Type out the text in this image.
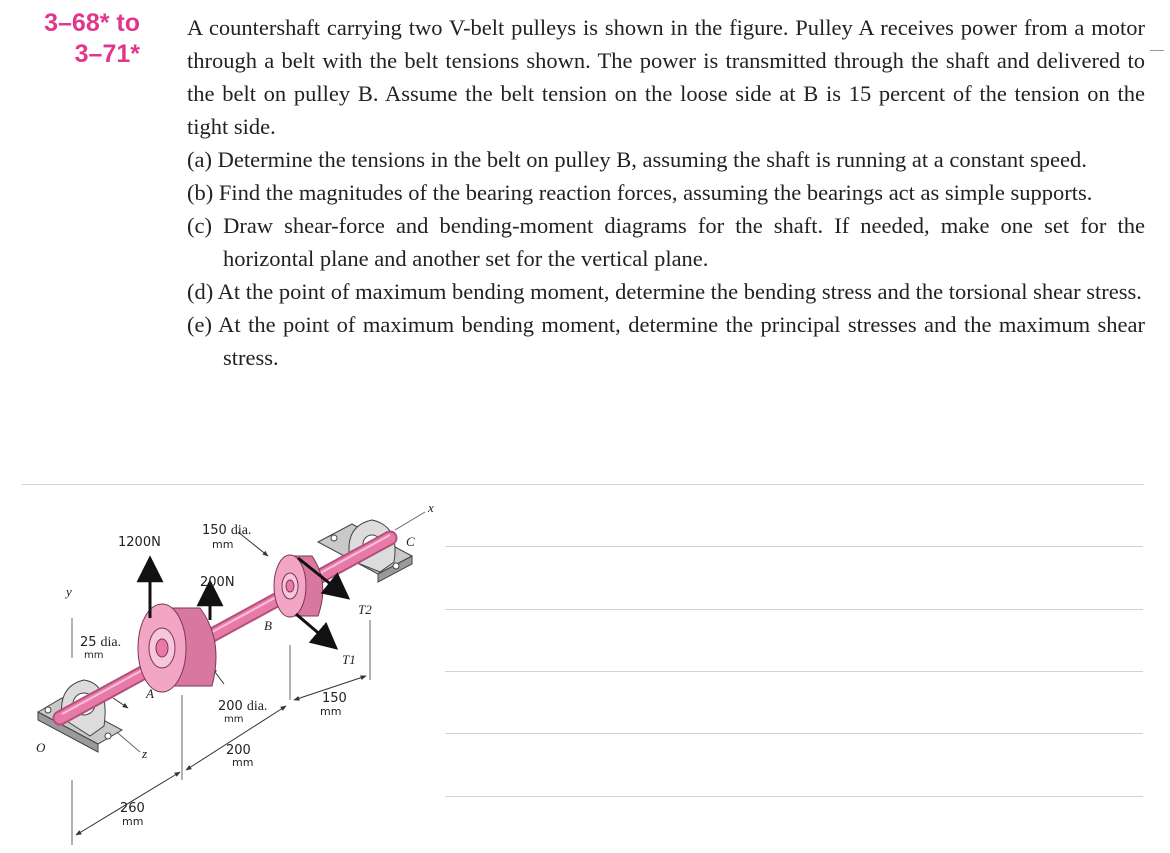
3–68* to
3–71*

A countershaft carrying two V-belt pulleys is shown in the figure. Pulley A receives power from a motor through a belt with the belt tensions shown. The power is transmitted through the shaft and delivered to the belt on pulley B. Assume the belt tension on the loose side at B is 15 percent of the tension on the tight side.

(a) Determine the tensions in the belt on pulley B, assuming the shaft is running at a constant speed.

(b) Find the magnitudes of the bearing reaction forces, assuming the bearings act as simple supports.

(c) Draw shear-force and bending-moment diagrams for the shaft. If needed, make one set for the horizontal plane and another set for the vertical plane.

(d) At the point of maximum bending moment, determine the bending stress and the torsional shear stress.

(e) At the point of maximum bending moment, determine the principal stresses and the maximum shear stress.

1200N
200N
150 dia.
mm
25 dia.
mm
200 dia.
mm
200
mm
150
mm
260
mm
A
B
C
O
T1
T2
x
y
z
